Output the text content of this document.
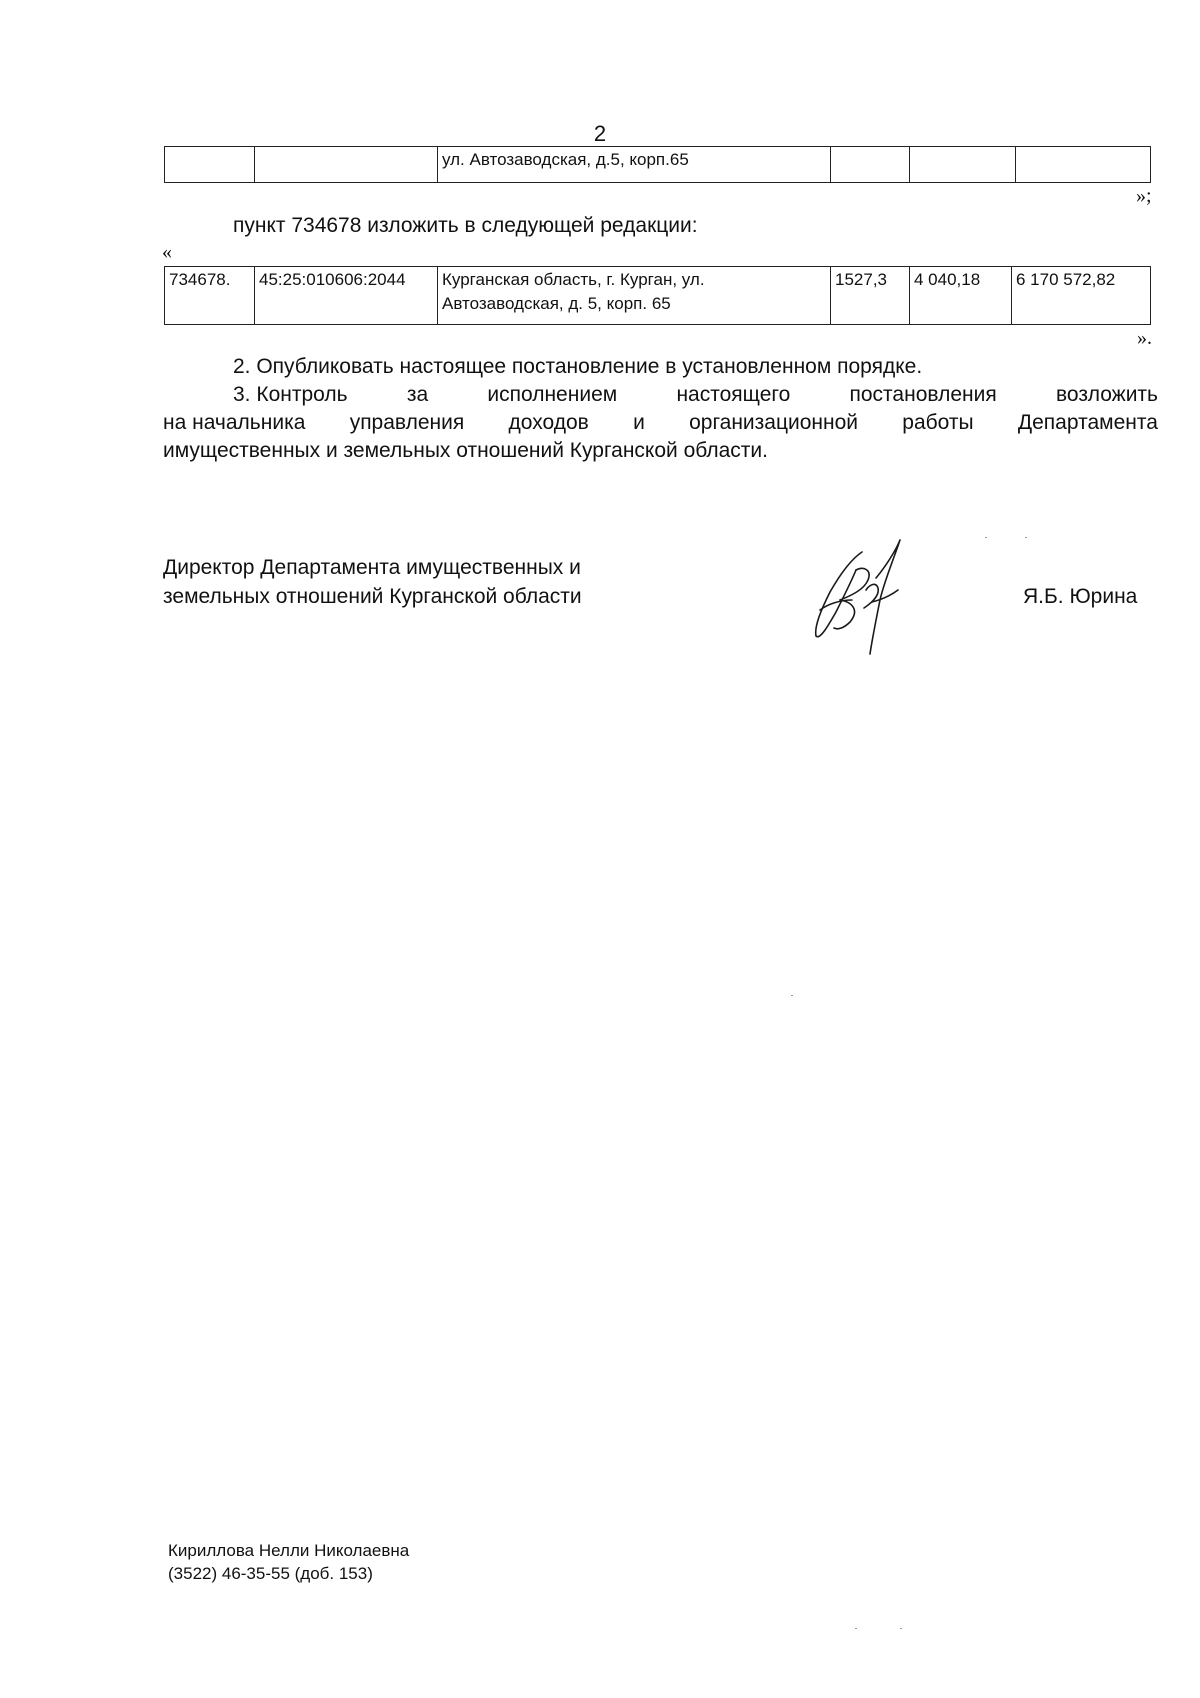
2
		ул. Автозаводская, д.5, корп.65			
»;
пункт 734678 изложить в следующей редакции:
«
734678.	45:25:010606:2044	Курганская область, г. Курган, ул. Автозаводская, д. 5, корп. 65	1527,3	4 040,18	6 170 572,82
».
2. Опубликовать настоящее постановление в установленном порядке.
3. Контроль	за	исполнением	настоящего	постановления	возложить
на начальника управления доходов и организационной работы Департамента
имущественных и земельных отношений Курганской области.
Директор Департамента имущественных и
земельных отношений Курганской области	Я.Б. Юрина
Кириллова Нелли Николаевна
(3522) 46-35-55 (доб. 153)
